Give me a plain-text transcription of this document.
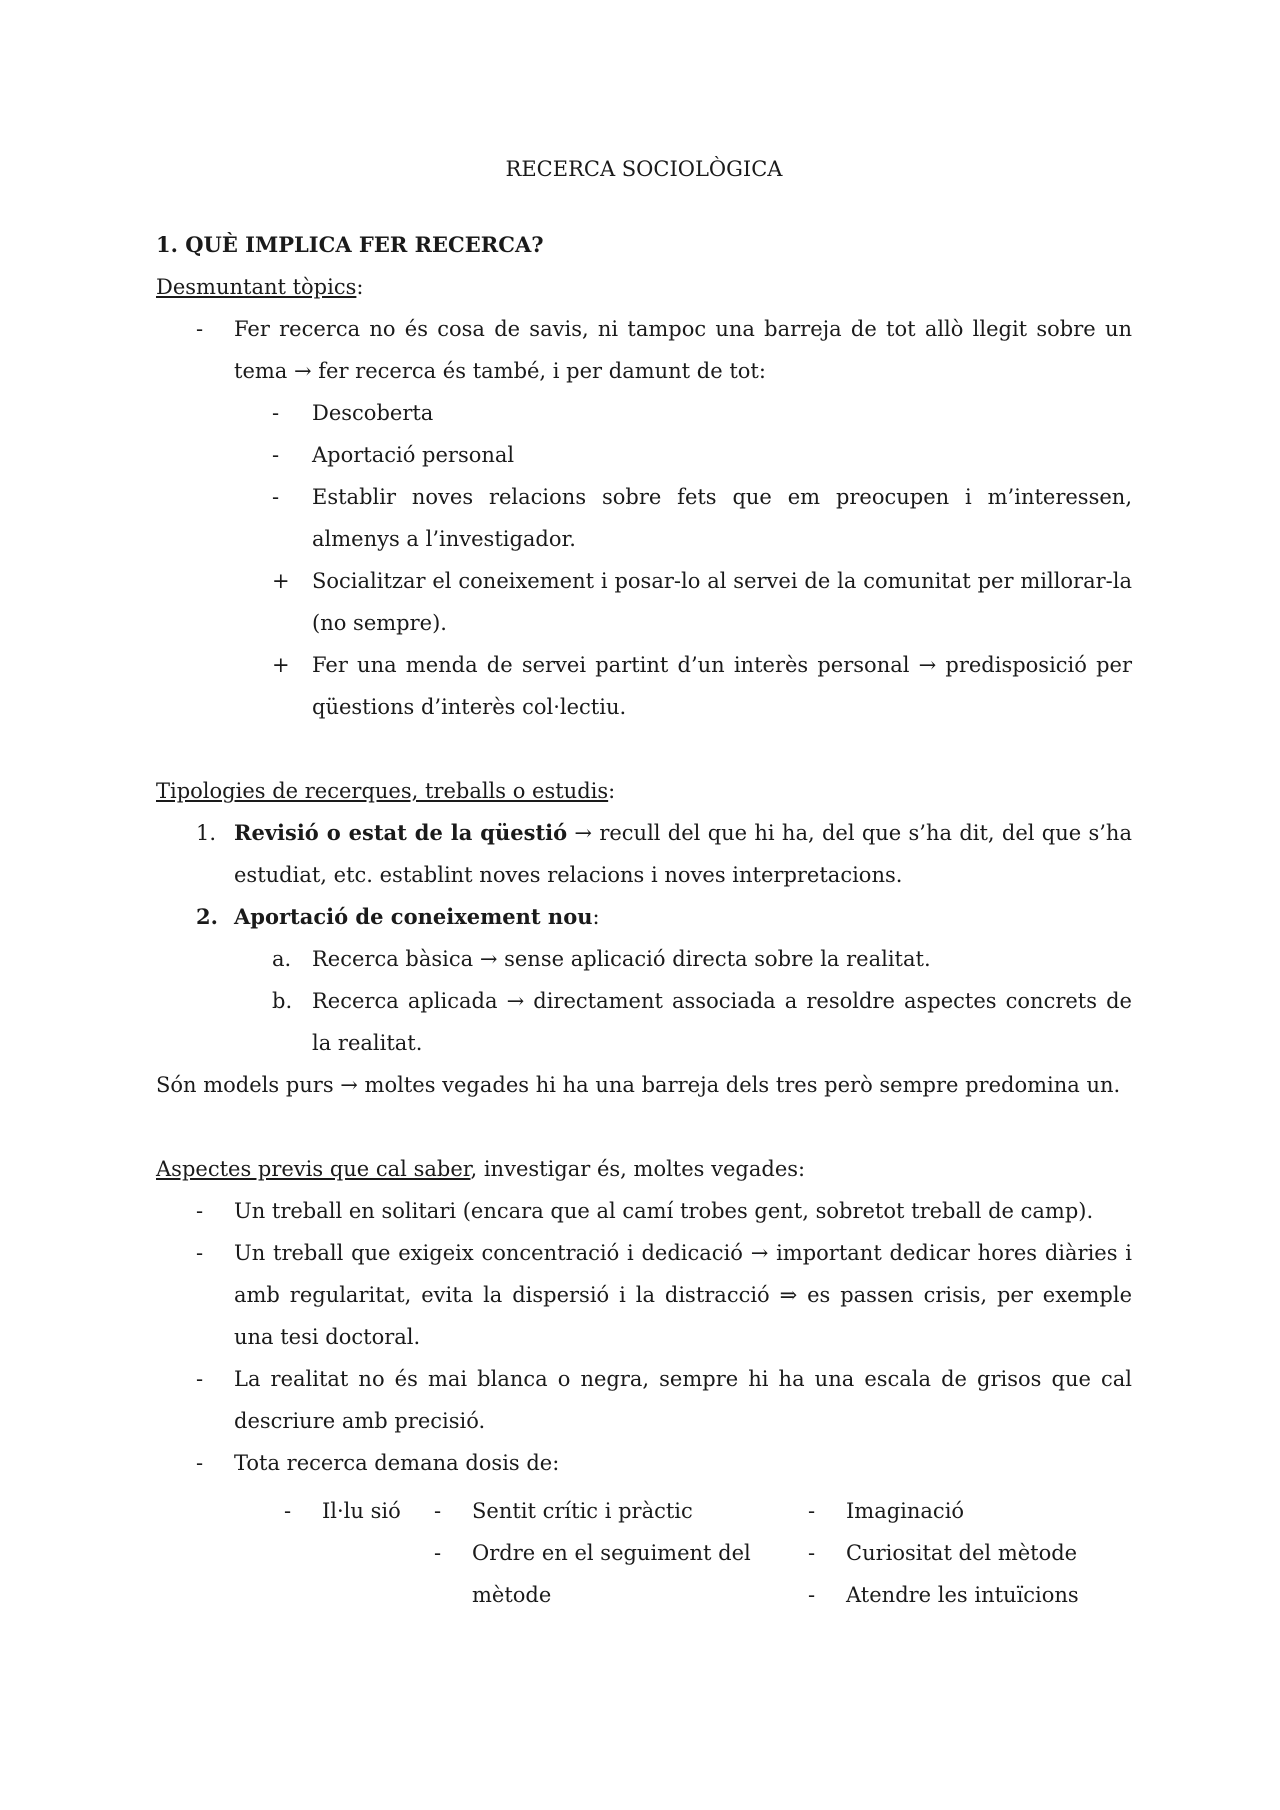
RECERCA SOCIOLÒGICA

1. QUÈ IMPLICA FER RECERCA?

Desmuntant tòpics:

- Fer recerca no és cosa de savis, ni tampoc una barreja de tot allò llegit sobre un tema → fer recerca és també, i per damunt de tot:
- Descoberta
- Aportació personal
- Establir noves relacions sobre fets que em preocupen i m’interessen, almenys a l’investigador.
+ Socialitzar el coneixement i posar-lo al servei de la comunitat per millorar-la (no sempre).
+ Fer una menda de servei partint d’un interès personal → predisposició per qüestions d’interès col·lectiu.

Tipologies de recerques, treballs o estudis:

1. Revisió o estat de la qüestió → recull del que hi ha, del que s’ha dit, del que s’ha estudiat, etc. establint noves relacions i noves interpretacions.
2. Aportació de coneixement nou:
a. Recerca bàsica → sense aplicació directa sobre la realitat.
b. Recerca aplicada → directament associada a resoldre aspectes concrets de la realitat.

Són models purs → moltes vegades hi ha una barreja dels tres però sempre predomina un.

Aspectes previs que cal saber, investigar és, moltes vegades:

- Un treball en solitari (encara que al camí trobes gent, sobretot treball de camp).
- Un treball que exigeix concentració i dedicació → important dedicar hores diàries i amb regularitat, evita la dispersió i la distracció ⇒ es passen crisis, per exemple una tesi doctoral.
- La realitat no és mai blanca o negra, sempre hi ha una escala de grisos que cal descriure amb precisió.
- Tota recerca demana dosis de:
- Il·lu sió - Sentit crític i pràctic
- Ordre en el seguiment del mètode
- Imaginació
- Curiositat del mètode
- Atendre les intuïcions
